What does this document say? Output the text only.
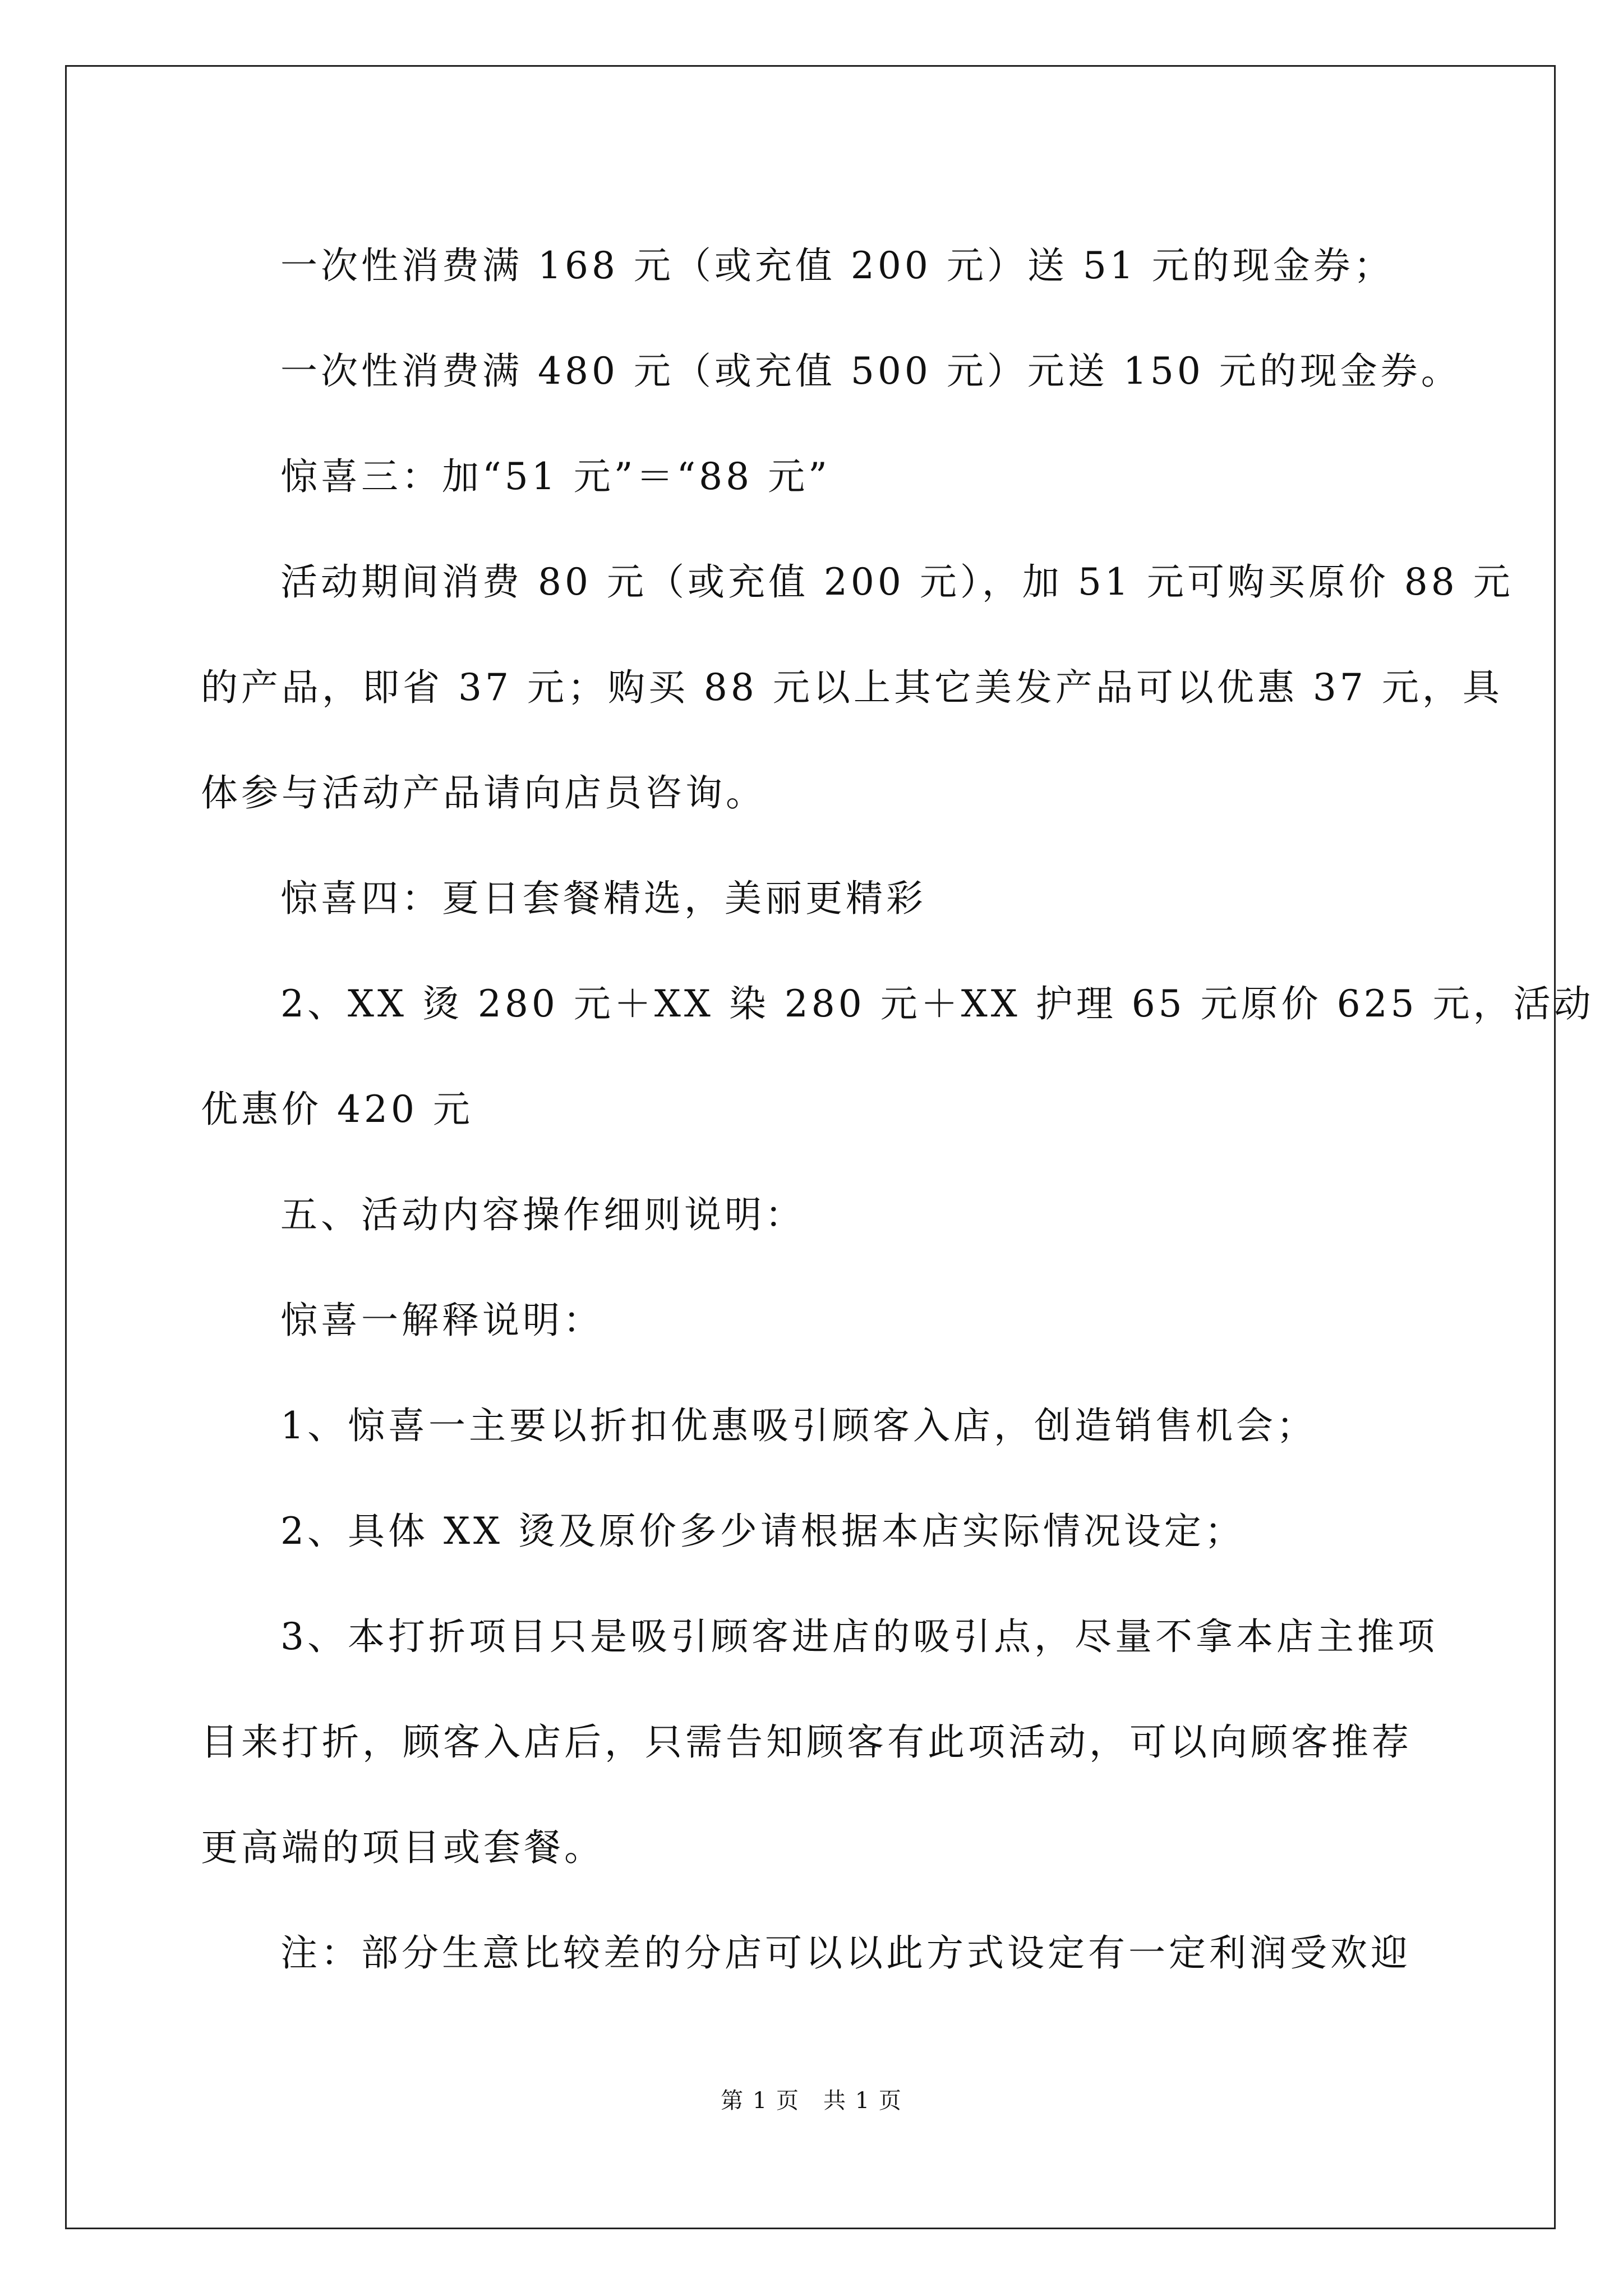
一次性消费满 168 元（或充值 200 元）送 51 元的现金券；

一次性消费满 480 元（或充值 500 元）元送 150 元的现金券。

惊喜三：加“51 元”＝“88 元”

活动期间消费 80 元（或充值 200 元），加 51 元可购买原价 88 元

的产品，即省 37 元；购买 88 元以上其它美发产品可以优惠 37 元，具

体参与活动产品请向店员咨询。

惊喜四：夏日套餐精选，美丽更精彩

2、XX 烫 280 元＋XX 染 280 元＋XX 护理 65 元原价 625 元，活动

优惠价 420 元

五、活动内容操作细则说明：

惊喜一解释说明：

1、惊喜一主要以折扣优惠吸引顾客入店，创造销售机会；

2、具体 XX 烫及原价多少请根据本店实际情况设定；

3、本打折项目只是吸引顾客进店的吸引点，尽量不拿本店主推项

目来打折，顾客入店后，只需告知顾客有此项活动，可以向顾客推荐

更高端的项目或套餐。

注：部分生意比较差的分店可以以此方式设定有一定利润受欢迎

第 1 页　共 1 页
